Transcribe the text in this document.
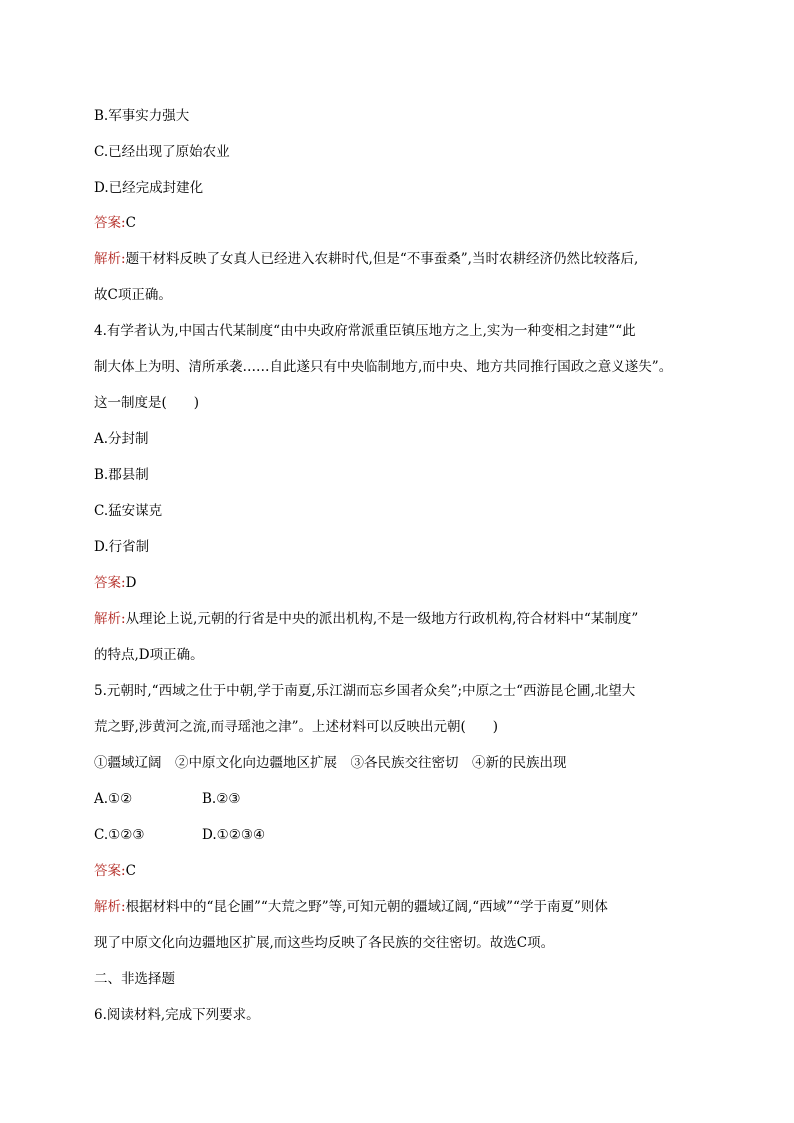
B.军事实力强大
C.已经出现了原始农业
D.已经完成封建化
答案:C
解析:题干材料反映了女真人已经进入农耕时代,但是“不事蚕桑”,当时农耕经济仍然比较落后,
故C项正确。
4.有学者认为,中国古代某制度“由中央政府常派重臣镇压地方之上,实为一种变相之封建”“此
制大体上为明、清所承袭……自此遂只有中央临制地方,而中央、地方共同推行国政之意义遂失”。
这一制度是(　　)
A.分封制
B.郡县制
C.猛安谋克
D.行省制
答案:D
解析:从理论上说,元朝的行省是中央的派出机构,不是一级地方行政机构,符合材料中“某制度”
的特点,D项正确。
5.元朝时,“西域之仕于中朝,学于南夏,乐江湖而忘乡国者众矣”;中原之士“西游昆仑圃,北望大
荒之野,涉黄河之流,而寻瑶池之津”。上述材料可以反映出元朝(　　)
①疆域辽阔　②中原文化向边疆地区扩展　③各民族交往密切　④新的民族出现
A.①②	B.②③
C.①②③	D.①②③④
答案:C
解析:根据材料中的“昆仑圃”“大荒之野”等,可知元朝的疆域辽阔,“西域”“学于南夏”则体
现了中原文化向边疆地区扩展,而这些均反映了各民族的交往密切。故选C项。
二、非选择题
6.阅读材料,完成下列要求。
